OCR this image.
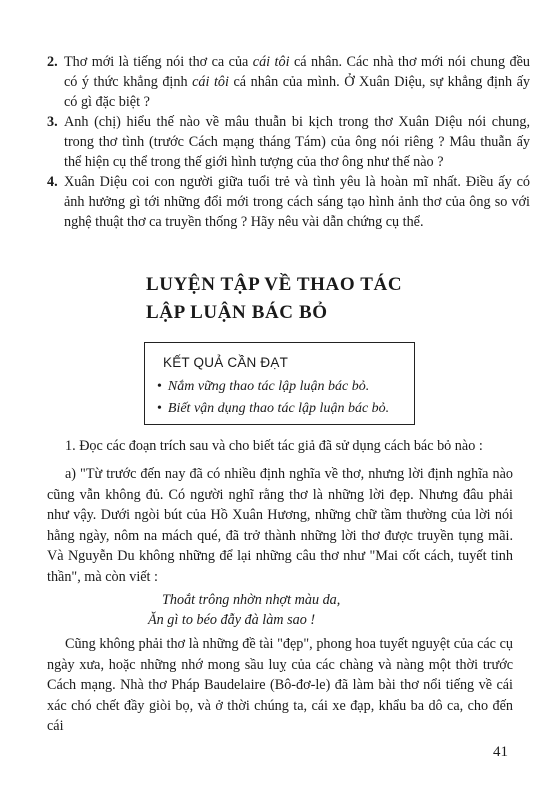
2. Thơ mới là tiếng nói thơ ca của cái tôi cá nhân. Các nhà thơ mới nói chung đều có ý thức khẳng định cái tôi cá nhân của mình. Ở Xuân Diệu, sự khẳng định ấy có gì đặc biệt ?

3. Anh (chị) hiểu thế nào về mâu thuẫn bi kịch trong thơ Xuân Diệu nói chung, trong thơ tình (trước Cách mạng tháng Tám) của ông nói riêng ? Mâu thuẫn ấy thể hiện cụ thể trong thế giới hình tượng của thơ ông như thế nào ?

4. Xuân Diệu coi con người giữa tuổi trẻ và tình yêu là hoàn mĩ nhất. Điều ấy có ảnh hưởng gì tới những đổi mới trong cách sáng tạo hình ảnh thơ của ông so với nghệ thuật thơ ca truyền thống ? Hãy nêu vài dẫn chứng cụ thể.

LUYỆN TẬP VỀ THAO TÁC
LẬP LUẬN BÁC BỎ
KẾT QUẢ CẦN ĐẠT
• Nắm vững thao tác lập luận bác bỏ.
• Biết vận dụng thao tác lập luận bác bỏ.

1. Đọc các đoạn trích sau và cho biết tác giả đã sử dụng cách bác bỏ nào :

a) "Từ trước đến nay đã có nhiều định nghĩa về thơ, nhưng lời định nghĩa nào cũng vẫn không đủ. Có người nghĩ rằng thơ là những lời đẹp. Nhưng đâu phải như vậy. Dưới ngòi bút của Hồ Xuân Hương, những chữ tầm thường của lời nói hằng ngày, nôm na mách qué, đã trở thành những lời thơ được truyền tụng mãi. Và Nguyễn Du không những để lại những câu thơ như "Mai cốt cách, tuyết tinh thần", mà còn viết :

Thoắt trông nhờn nhợt màu da,

Ăn gì to béo đẫy đà làm sao !

Cũng không phải thơ là những đề tài "đẹp", phong hoa tuyết nguyệt của các cụ ngày xưa, hoặc những nhớ mong sầu luỵ của các chàng và nàng một thời trước Cách mạng. Nhà thơ Pháp Baudelaire (Bô-đơ-le) đã làm bài thơ nổi tiếng về cái xác chó chết đầy giòi bọ, và ở thời chúng ta, cái xe đạp, khẩu ba dô ca, cho đến cái

41
